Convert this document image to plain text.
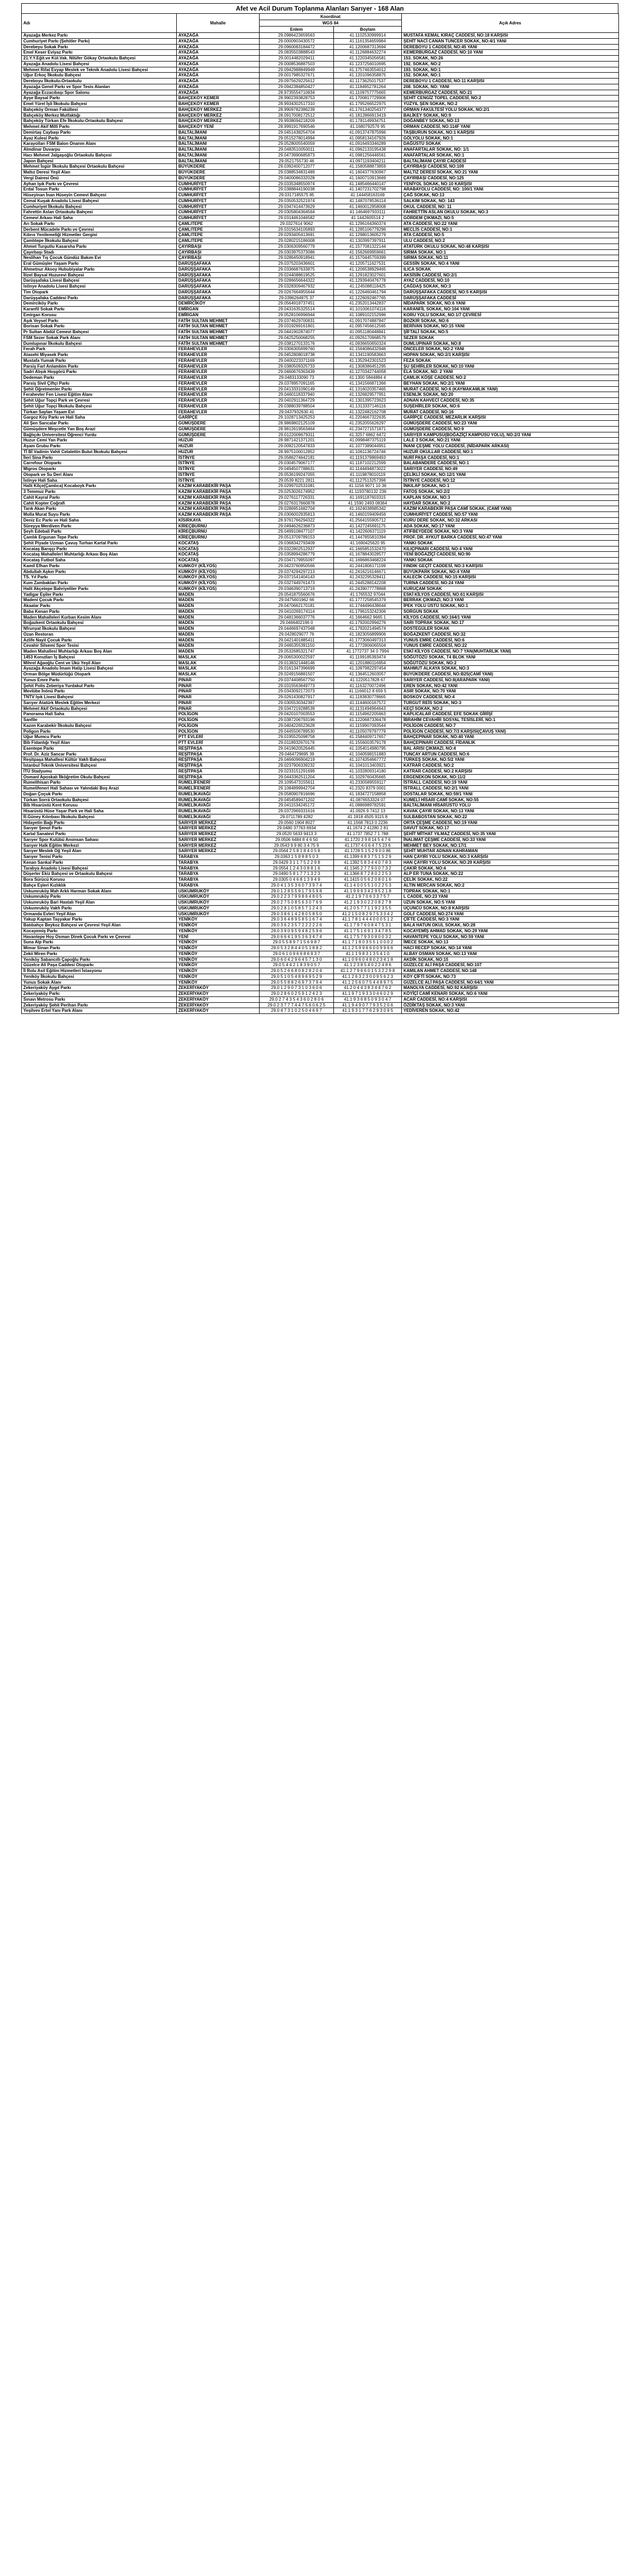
Afet ve Acil Durum Toplanma Alanları Sarıyer - 168 Alan
Adı	Mahalle	Koordinat		Açık Adres
		WGS 84		
		Enlem	Boylam	
Ayazağa Merkez Parkı	AYAZAĞA	29.0986423659563	41.1102530999914	MUSTAFA KEMAL KIRAÇ CADDESİ, NO:18 KARŞISI
Cumhuriyet Parkı (Şehitler Parkı)	AYAZAĞA	29.0000903430572	41.1161354659984	ŞEHİT NACİ CANAN TUNCER SOKAK, NO:4/1 YANI
Derebeyu Sokak Parkı	AYAZAĞA	29.0960083184472	41.1200687313694	DEREBOYU 1 CADDESİ, NO:45 YANI
Emel Keser Eviyaz Parkı	AYAZAĞA	29.0835503888543	41.1126884632274	KEMERBURGAZ CADDESİ, NO:10 YANI
21.Y.Y.Eğit.ve Kül.Vak. Nilüfer Gökay Ortaokulu Bahçesi	AYAZAĞA	29.0014482029411	41.1220345056581	153. SOKAK, NO:26
Ayazağa Anadolu Lisesi Bahçesi	AYAZAĞA	29.0008536887503	41.1237256010695	192. SOKAK, NO:2
Mehmet Rifat Evyap Meslek ve Teknik Anadolu Lisesi Bahçesi	AYAZAĞA	29.0942988849949	41.1757463554012	193. SOKAK, NO:1
Uğur Erkoç İlkokulu Bahçesi	AYAZAĞA	29.0017985327671	41.1201096358875	152. SOKAK, NO:1
Dereboyu İlkokulu-Ortaokulu	AYAZAĞA	29.0975629225612	41.1173625017537	DEREBOYU 1 CADDESİ, NO:11 KARŞISI
Ayazağa Genel Parkı ve Spor Tesis Alanları	AYAZAĞA	29.0942384850427	41.1184952781264	208. SOKAK, NO: YANI
Ayazağa Eczacıbaşı Spor Salonu	AYAZAĞA	28.9735554710834	41.1109757775665	KEMERBURGAZ CADDESİ, NO:21
Ayşe Baysal Parkı	BAHÇEKÖY KEMER	28.9902393828753	41.1700817729906	ŞEHİT CENGİZ TOPEL CADDESİ, NO:2
Emel Yürel İşli İlkokulu Bahçesi	BAHÇEKÖY KEMER	28.9934302517310	41.1795266522975	YÜZYIL ŞEN SOKAK, NO:2
Bahçeköy Orman Fakültesi	BAHÇEKÖY MERKEZ	28.9909782386239	41.1761340254377	ORMAN FAKÜLTESİ YOLU SOKAK, NO:2/1
Bahçeköy Merkez Mutfaktığı	BAHÇEKÖY MERKEZ	28.0917008172512	41.1812866913419	BALİKEY SOKAK, NO:9
Bahçeköy Türkan Efe İlkokulu-Ortaokulu Bahçesi	BAHÇEKÖY MERKEZ	29.9938094218209	41.1781149934751	DOĞANBEY SOKAK, NO:13
Mehmet Akif Millî Parkı	BAHÇEKÖY YENİ	28.9991917690546	41.1680792576 95	ORMAN CADDESİ, NO:114F YANI
Demirtaş Caybaşı Parkı	BALTALİMANI	29.0451438254704	41.0913747875996	TAŞBURUN SOKAK, NO:1 KARŞISI
Ayaz Kulesi Parkı	BALTALİMANI	29.0515278014994	41.0958134167926	GÖLYOLU SOKAK, NO:1
Karayolları FSM Balon Onarım Alanı	BALTALİMANI	29.0528005540059	41.0916493346289	DAĞÜSTÜ SOKAK
Almdinar Duvarpu	BALTALİMANI	29.0483510050011	41.0962133195438	ANAFARTALAR SOKAK, NO: 1/1
Hacı Mehmet Jalgaşoğlu Ortaokulu Bahçesi	BALTALİMANI	29.0473990685873	41.0981256446561	ANAFARTALAR SOKAK, NO:1
Japon Bahçesi	BALTALİMANI	29.0521755730 46	41.0971193404211	BALTALİMANI ÇAYIR CADDESİ
Mehmet İsgür İlkokulu Bahçesi Ortaokulu Bahçesi	BÜYÜKDERE	29.0392400712077	41.1580588873859	ÇAYIRBAŞI CADDESİ, NO:109
Maltız Deresi Yeşil Alan	BÜYÜKDERE	29.0388534831489	41.1604377630967	MALTIZ DERESİ SOKAK, NO:21 YANI
Vergi Dairesi Önü	BÜYÜKDERE	29.0400086332028	41.1600710913669	ÇAYIRBAŞI CADDESİ, NO:125
Ayhan Işık Parkı ve Çevresi	CUMHURİYET	29.0335348550974	41.1485466440147	YENİYOL SOKAK, NO:10 KARŞISI
Erdal Tosun Parkı	CUMHURİYET	29.0388844190038	41.1407231702798	ARABAYOLU CADDESİ, NO: 100/1 YANI
Hüseyinan İnan Hüseyin Cemevi Bahçesi	CUMHURİYET	29.0317185575 85	41.144458163169	ÇAĞ SOKAK, NO:13
Cemal Kuşak Anadolu Lisesi Bahçesi	CUMHURİYET	29.0350532521974	41.1487078536114	SALKIM SOKAK, NO: 143
Cumhuriyet İlkokulu Bahçesi	CUMHURİYET	29.0347414473629	41.1460012958008	OKUL CADDESİ, NO: 11
Fahrettin Aslan Ortaokulu Bahçesi	CUMHURİYET	29.0305804364564	41.1464697933111	FAHRETTİN ASLAN OKULU SOKAK, NO:3
Cemevi Arkası Hali Saha	CUMHURİYET	29.0314461046582	41.1442605514 2	GÖRDEM ÇIKMAZI, NO:5
Arı Sokak Parkı	ÇAMLITEPE	29.0327614 9062	41.1296164360374	ATA CADDESİ, NO:22 YANI
Derbent Mücadele Parkı ve Çevresi	ÇAMLITEPE	29.0315634105893	41.1285106779296	MECLİS CADDESİ, NO:1
Kıbrıs Yenilemeliği Hizmetler Gergisi	ÇAMLITEPE	29.0293405413691	41.1298013605279	ATA CADDESİ, NO:5
Çamlıtepe İlkokulu Bahçesi	ÇAMLITEPE	29.0280215186008	41.1303997397911	ULU CADDESİ, NO:2
Ahmet Turgutlu Kasarsha Parkı	ÇAYIRBAŞI	29.0306309560779	41.1577081322144	ATATÜRK OKULU SOKAK, NO:48 KARŞISI
Çayırbaşı Stadı	ÇAYIRBAŞI	29.0303975373086	41.1562669959661	SIRMA SOKAK, NO:1
Neslihan Tış Çocuk Gündüz Bakım Evi	ÇAYIRBAŞI	29.0286450918941	41.1570445759399	SIRMA SOKAK, NO:11
Eral Gümüşler Yaşam Parkı	DARÜŞŞAFAKA	29.0375203436601	41.1205711627531	GESSİN SOKAK, NO:4 YANI
Ahmetnur Aksoy Hububiyalar Parkı	DARÜŞŞAFAKA	29.0336687633875	41.1206538929465	ILICA SOKAK
İlizel Baysal Huzurevi Bahçesi	DARÜŞŞAFAKA	29.0244088619525	41.1291823027601	AKSİSİN CADDESİ, NO:2/1
Darüşşafaka Lisesi Bahçesi	DARÜŞŞAFAKA	29.0286656644322	41.1293940476778	AYAZ CADDESİ, NO:10
Istinye Anadolu Lisesi Bahçesi	DARÜŞŞAFAKA	29.0328309467932	41.1245088118425	ÇAĞDAŞ SOKAK, NO:3
Tim Otopark	DARÜŞŞAFAKA	29.0267664955644	41.1226460461794	DARÜŞŞAFAKA CADDESİ, NO:5 KARŞISI
Darüşşafaka Caddesi Parkı	DARÜŞŞAFAKA	29.0396264975 37	41.1226092467765	DARÜŞŞAFAKA CADDESİ
Demirciköy Parkı	DEMİRCİKÖY	29.0564918737451	41.2352013442837	NİDAPARK SOKAK, NO:6 YANI
Karanfil Sokak Parkı	EMİRGAN	29.0431635325514	41.1010061074116	KARANFİL SOKAK, NO:104 YANI
Emirgan Korusu	EMİRGAN	29.0528106996944	41.1089102152996	KORU YOLU SOKAK, NO:1/7 ÇEVRESİ
Aşık Veysel Parkı	FATİH SULTAN MEHMET	29.0374629700831	41.0917074887847	BOZKIR SOKAK, NO:6
Borisan Sokak Parkı	FATİH SULTAN MEHMET	29.0319269161801	41.0957456612565	BERİVAN SOKAK, NO:15 YANI
Pr Sultan Abdül Cemevi Bahçesi	FATİH SULTAN MEHMET	29.0441902874077	41.0951180448841	ŞİFTALİ SOKAK, NO:5
FSM Sezer Sokak Park Alanı	FATİH SULTAN MEHMET	29.0425250068255	41.0926170968579	SEZER SOKAK
Dumlupınar İlkokulu Bahçesi	FATİH SULTAN MEHMET	29.0381270133176	41.0936650650324	DUMLUPINAR SOKAK, NO:8
Ferah Park	FERAHEVLER	29.0306305699760	41.1564086432946	ÖNCELER SOKAK, NO:2 YANI
Atasehi Miyasek Parkı	FERAHEVLER	29.0452808018738	41.1341190583663	HOPAN SOKAK, NO:2/1 KARŞISI
Mustafa Yumak Parkı	FERAHEVLER	29.0400223371169	41.1352942301523	FEZA SOKAK
Parsiş Farl Anlambim Parkı	FERAHEVLER	29.0380509325733	41.1308386451295	ŞU ŞEHİRLER SOKAK, NO:10 YANI
Sadri Alışık Hoşgörü Parkı	FERAHEVLER	29.0460676363439	41.1270342744058	ELA SOKAK, NO: 2 YANI
Dedeman Parkı	FERAHEVLER	29.0483133090 73	41.1300 5844884 4	ÇAMLIK KÖŞE CADDESİ, NO:2
Parsiş Sivil Çiftçi Parkı	FERAHEVLER	29.0378957091165	41.1341566871366	BEYHAN SOKAK, NO:2/1 YANI
Şehit Öğretmenler Parkı	FERAHEVLER	29.0413331090149	41.1316020357465	MURAT CADDESİ, NO:6 (KAYMAKAMLIK YANI)
Ferahevler Fen Lisesi Eğitim Alanı	FERAHEVLER	29.0460118337940	41.1326829577951	ESENLİK SOKAK, NO:20
Şehit Uğur Topçi Park ve Çevresi	FERAHEVLER	29.0402911364729	41.1301395723623	ADNAN KAHVECİ CADDESİ, NO:35
Şehit Uğur Topçi İlkokulu Bahçesi	FERAHEVLER	29.0388039788504	41.1313337146116	SUŞEHİRLER SOKAK, NO:6
Türkan Saylan Yaşam Evi	FERAHEVLER	29.0437932630 41	41.1322482162708	MURAT CADDESİ, NO:16
Gargoz Köy Parkı ve Hali Saha	GARİPÇE	29.1028713425253	41.2204667322635	GARİPÇE CADDESİ, MEZARLIK KARŞISI
Ali Şen Sarıcalar Parkı	GÜMÜŞDERE	28.9869802125109	41.2352055626297	GÜMÜŞDERE CADDESİ, NO:23 YANI
Gümüşdere Meşcetle Yan Boş Arazi	GÜMÜŞDERE	28.9812619563464	41.2347271571871	GÜMÜŞDERE CADDESİ, NO:9
Bağlıçıkı Üniversitesi Öğrenci Yurdu	GÜMÜŞDERE	29.0122009679311	41.3257 6862 6472	SARIYER KAMPÜSÜ(BOĞAZİÇİ KAMPÜSÜ YOLU), NO:2/3 YANI
Huzur Cemi Yan Parkı	HUZUR	28.9871421371201	41.0998487375119	LALE 3 SOKAK, NO:21 YANI
Aşam Grubu Parkı	HUZUR	29.0092120547833	41.1077389044951	İNANI ÇEŞME YOLU CADDESİ, (NİDAPARK ARKASI)
Tİ Bİ Vadinin Vahit Celalettin Bulut İlkokulu Bahçesi	HUZUR	28.9975100012852	41.1061136724746	HUZUR OKULLAR CADDESİ, NO:1
İleri Sina Parkı	İSTİNYE	29.0586274642181	41.1191379869493	NURİ PAŞA CADDESİ, NO:1
Carrefour Otoparkı	İSTİNYE	29.0304579067177	41.1187102212599	BALABANDERE CADDESİ, NO:1
Migros Otoparkı	İSTİNYE	29.0494507788631	41.1144494873022	SARIYER CADDESİ, NO:49
Otopark ve Su Deri Alanı	İSTİNYE	29.0536199247055	41.1119878010119	ÇELİKLİ SOKAK, NO:12/1 YANI
İstinye Hali Saha	İSTİNYE	29.0539 8221 2811	41.1127513257398	İSTİNYE CADDESİ, NO:12
Halit Kilçe(Çamlıca) Kocaboyk Parkı	KAZIM KARABEKİR PAŞA	29.0299702531081	41.1156 9071 10 36	İNKILAP SOKAK, NO:1
3 Temmuz Parkı	KAZIM KARABEKİR PAŞA	29.0253026174952	41.1193780132 236	FATOŞ SOKAK, NO:2/2
Cahit Kayral Parkı	KAZIM KARABEKİR PAŞA	29.0276117726331	41.1691187603315	KAPLAN SOKAK, NO:3
Cahit Kopter Coğrafi	KAZIM KARABEKİR PAŞA	29.0276317660878	41.1590 2493 08364	HAYDAR SOKAK, NO:2
Tarık Akan Parkı	KAZIM KARABEKİR PAŞA	29.0286951682704	41.1624038985342	KAZIM KARABEKİR PAŞA CAMİ SOKAK, (CAMİ YANI)
Molla Murat Suyu Parkı	KAZIM KARABEKİR PAŞA	29.0306002935813	41.1460159409456	CUMHURİYET CADDESİ, NO:57 YANI
Deniz Ec Parkı ve Hali Saha	KİSIRKAYA	28.9761766294322	41.2564155905712	KURU DERE SOKAK, NO:32 ARKASI
Süreyya Merdiven Parkı	KİREÇBURNU	29.0494626236873	41.1427245691175	ADA SOKAK, NO:17 YANI
Şeyh Edebali Parkı	KİREÇBURNU	29.0499108477107	41.1422606371119	ATIFBEYDEDE SOKAK, NO:3 YANI
Çamlık Ergunan Tepe Parkı	KİREÇBURNU	29.0513709789153	41.1447855810394	PROF. DR. AYKUT BARKA CADDESİ, NO:47 YANI
Şehit Piyade Uzman Çavuş Turhan Kartal Parkı	KOCATAŞ	29.0368342793409	41.1690425620 95	YANKI SOKAK
Kocataş Barışçı Parkı	KOCATAŞ	29.0322802512937	41.1665851532470	KILIÇPINARI CADDESİ, NO:4 YANI
Kocataş Mahalleleri Muhtarlığı Arkası Boş Alan	KOCATAŞ	29.0358994286779	41.1678843028577	YENİ BOĞAZİÇİ CADDESİ, NO:90
Kocataş Futbol Saha	KOCATAŞ	29.0347179955097	41.1696863468224	YANKI SOKAK
Kamil Efhan Parkı	KUMKÖY (KİLYOS)	29.0423760950566	41.2441806171199	FINDIK GEÇİT CADDESİ, NO:3 KARŞISI
Abdullah Aşkın Parkı	KUMKÖY (KİLYOS)	29.0374294297213	41.2416216146671	BÜYÜKPARK SOKAK, NO:4 YANI
TS. Yıl Parkı	KUMKÖY (KİLYOS)	29.0371541404143	41.2432295328411	KALECİK CADDESİ, NO:15 KARŞISI
Kum Zambakları Parkı	KUMKÖY (KİLYOS)	29.0327449761473	41.2445288142208	TURNA CADDESİ, NO:24 YANI
Halit Akçetepe Bahriyeliler Parkı	KUMKÖY (KİLYOS)	29.0346390713719	41.2439077778868	KURUÇAM SOKAK
Yadigar Eşiler Parkı	MADEN	29.0541875560676	41.1765532 97044	ESKİ KİLYOS CADDESİ, NO:61 KARŞISI
Madeni Çocuk Parkı	MADEN	29.0475601962 66	41.1777258545379	BERRAK ÇIKMAZI, NO:3 YANI
Akaalar Parkı	MADEN	29.0470662170181	41.1744496438644	İPEK YOLU ÜSTÜ SOKAK, NO:1
Baba Kenan Parkı	MADEN	29.0410269174114	41.1796153242306	SORGUN SOKAK
Maden Mahalleleri Kurban Kesim Alanı	MADEN	29.0481366037776	41.1664662 9665 1	KİLYOS CADDESİ, NO:164/1 YANI
Boğazkent Ortaokulu Bahçesi	MADEN	29.0466402196 0	41.1792002994276	SARI TOPRAK SOKAK, NO:17
Nfrunyat İlkokulu Bahçesi	MADEN	29.0446697437048	41.1792021494574	DOSTEGÜLER SOKAK
Ozan Restoran	MADEN	29.0428029077 76	41.1823056899906	BOĞAZKENT CADDESİ, NO:32
Azlife Nayil Çocuk Parkı	MADEN	29.0421401885411	41.1773060497313	YUNUS EMRE CADDESİ, NO:6
Cevahir Silsemi Spor Tesisi	MADEN	29.0465355391150	41.1772806065504	YUNUS EMRE CADDESİ, NO:22
Maden Mahallesi Muhtarlığı Arkası Boş Alan	MADEN	29.0532685321747	41.1772737 34 0 7994	ESKİ KİLYOS CADDESİ, NO:7 YAN(MUHTARLIK YANI)
1453 Konutları İş Bahçesi	MASLAK	29.0065300022597	41.1199185393474	SÖĞÜTÖZÜ SOKAK, T4 BLOK YANI
Mihrel Ağaoğlu Cent ve Ükü Yeşil Alan	MASLAK	29.0138321448146	41.1201880116954	SÖĞÜTÖZÜ SOKAK, NO:2
Ayazağa Anadolu İmam Hatip Lisesi Bahçesi	MASLAK	29.0161347396699	41.1097982297454	MAHMUT ALKAYA SOKAK, NO:3
Orman Bölge Müdürlüğü Otopark	MASLAK	29.0249156881507	41.1364512603057	BÜYÜKDERE CADDESİ, NO:B25(CAMİ YANI)
Yunus Emre Parkı	PINAR	29.0374408567750	41.1220517828 67	SARIYER CADDESİ, NO:8(ARAPARK YANI)
Şehit Polis Zeberiya Yurdakul Parkı	PINAR	29.0315563649773	41.1163270072496	EREN SOKAK, NO:42 YANI
Mevlübe İnönü Parkı	PINAR	29.0343092172073	41.1166012 8 659 5	ASIR SOKAK, NO:70 YANI
TNTV Işık Lisesi Bahçesi	PINAR	29.0261430827917	41.1183830778665	BOSKOV CADDESİ, NO:4
Sarıyer Atatürk Meslek Eğitim Merkezi	PINAR	29.0305530342367	41.1144600167572	TURGUT REİS SOKAK, NO:3
Mehmet Akif Ortaokulu Bahçesi	PINAR	29.0347219288539	41.1131494964643	KEÇİ SOKAK, NO:2
Panorama Hali Saha	POLİGON	29.0420107003553	41.1154962205663	KAPLICALAR CADDESİ, EFE SOKAK GİRİŞİ
Sanfile	POLİGON	29.0387206793196	41.1220687336478	İBRAHİM CEVAHİR SOSYAL TESİSLERİ, NO:1
Kazım Karabekir İlkokulu Bahçesi	POLİGON	29.0404226523628	41.1159907093544	POLİGON CADDESİ, NO:7
Poligon Parkı	POLİGON	29.0445506789530	41.1105079797779	POLİGON CADDESİ, NO:7/3 KARŞISI(ÇAVUŞ YANI)
Uğur Mumcu Parkı	PTT EVLERİ	29.0195525098758	41.1584409717657	BAHÇEPINAR SOKAK, NO:40 YANI
Bib Fidanlığı Yeşil Alan	PTT EVLERİ	29.0118932670176	41.1556003579178	BAHÇEPINARI CADDESİ, FİDANLIK
Esentepe Parkı	REŞİTPAŞA	29.0419620526445	41.1054014980795	BAL ARISI ÇIKMAZI, NO:4
Prof. Dr. Aziz Sancar Parkı	REŞİTPAŞA	29.0464729695 39	41.1040598151883	TUNCAY ARTUN CADDESİ, NO:6
Reşitpaşa Mahallesi Kültür Vakfı Bahçesi	REŞİTPAŞA	29.0466096904219	41.1074354667772	TÜRKEŞ SOKAK, NO:5/2 YANI
İstanbul Teknik Üniversitesi Bahçesi	REŞİTPAŞA	29.0237906339232	41.1041013403921	KATRAR CADDESİ, NO:2
İTÜ Stadyumu	REŞİTPAŞA	29.0233151291699	41.1032809314180	KATRAR CADDESİ, NO:2 KARŞISI
Osmanl Aposkalı İlköğretim Okulu Bahçesi	REŞİTPAŞA	29.0443362511204	41.1029760435665	ERGENEKON SOKAK, NO:11/2
Rumelihisarı Parkı	RUMELİFENERİ	29.1095473155611	41.2330589559117	İSTRALL CADDESİ, NO:19 YANI
Rumelifeneri Hali Sahası ve Yalındaki Boş Arazi	RUMELİFENERİ	29.1084899942704	41.2320 8379 0001	İSTRALL CADDESİ, NO:2/1 YANI
Doğan Çoçuk Parkı	RUMELİKAVAĞI	29.0580907816696	41.1834727158858	DOSTALAR SOKAK, NO:59/1 YANI
Türkan Sorrä Ortaokulu Bahçesi	RUMELİKAVAĞI	29.0454589471202	41.0876553324 07	KUMELİ HİSARI CAMİ SOKAK, NO:55
Bib Hisarüstü Kent Korusu	RUMELİKAVAĞI	29.0411534245172	41.0886989782591	BALTALİMANI HİSARÜSTÜ YOLU
Hisarüstü Hüse Yaşar Park ve Hali Saha	RUMELİKAVAĞI	29.0372969331616	41.0926 9 7412 13	KAVAK ÇAYIR SOKAK, NO:13 YANI
R.Güney Kılınbası İlkokulu Bahçesi	RUMELİKAVAĞI	29.0711789 4282	41.1818 4505 9115 8	SULBABOSTAN SOKAK, NO:22
Hidayetin Bağı Parkı	SARIYER MERKEZ	29.0560 1904 8027	41.1568 7813 0 2236	ORTA ÇEŞME CADDESİ, NO:19 YANI
Sarıyer Şenol Parkı	SARIYER MERKEZ	29.0480 37763 6934	41.1674 2 41280 2 81	DAVUT SOKAK, NO:17
Kartal Sanatevi Parkı	SARIYER MERKEZ	29.0520 5633 9413 3	41.1737 7852 7 1 788	ŞEHİT MİTHAT YILMAZ CADDESİ, NO:35 YANI
Sarıyer Spor Kulübü Anonsan Sahası	SARIYER MERKEZ	29.0506 6484 8 4 6 50	41.1720 3 9 8 14 5 4 7 6	İNALIMAT ÇEŞME CADDESİ, NO:33 YANI
Sarıyer Halk Eğitim Merkezi	SARIYER MERKEZ	29.0543 9 9 80 3 4 75 9	41.1737 4 0 6 4 7 5 23 6	MEHMET BEY SOKAK, NO:17/1
Sarıyer Meslek Oğ Yeşil Alan	SARIYER MERKEZ	29.0564 2 5 8 1 8 4 0 5 8	41.1728 5 1 5 2 9 0 0 86	ŞEHİT MUHTAR ADNAN KAHRAMAN
Sarıyer Tenisi Parkı	TARABYA	29.0363 1 5 8 8 8 5 0 3	41.1399 6 8 3 7 5 1 5 2 9	HAN ÇAYIRI YOLU SOKAK, NO:3 KARŞISI
Kenan Sarıkal Parkı	TARABYA	29.0429 3 1 1 7 5 2 2 9 8	41.1392 5 8 3 4 4 0 7 8 3	HAN ÇAYIRI YOLU SOKAK, NO:29 KARŞISI
Tarabya Anadolu Lisesi Bahçesi	TARABYA	29.0554 1 2 4 3 0 8 8 1 6	41.1345 2 7 7 9 0 0 7 3 2	ÇAKIR SOKAK, NO:4
Düşerler Ekiz Bahçesi ve Ortaokulu Bahçesi	TARABYA	29.0490 5 8 1 7 7 1 3 2 3	41.1366 8 7 2 8 0 2 2 5 3	ALP ER TUNA SOKAK, NO:22
Bora Sürücü Korusu	TARABYA	29.0305 0 4 6 8 1 3 9 4 9	41.1415 0 5 6 2 0 8 0 1 6	ÇELİK SOKAK, NO:22
Bahçe Eşleri Kızlıklık	TARABYA	29.0 4 1 3 5 3 6 0 7 3 9 7 4	41.1 4 0 0 5 5 1 0 2 2 5 3	ALTIN MERCAN SOKAK, NO:2
Uskumruköy Mah Arklı Harman Sokak Alanı	USKUMRUKÖY	29.0 1 2 8 5 5 9 1 7 9 5 9 8	41.1 9 9 9 3 4 2 9 5 2 1 8	TOPRAK SOKAK, NO:1
Uskumruköy Parkı	USKUMRUKÖY	29.0 2 2 3 7 9 9 8 6 4 8 0 5	41.2 1 9 7 0 6 3 3 7 5 7	L CADDE, NO:23 YANI
Uskumruköy Bari Hastalı Yeşil Alan	USKUMRUKÖY	29.0 2 7 5 0 8 5 6 3 0 7 6 9	41.2 1 9 3 0 2 2 0 8 2 7 8	UZUN SOKAK, NO:5 YANI
Uskumruköy Vakfı Parkı	USKUMRUKÖY	29.0 2 8 1 0 5 8 5 7 1 2 4 3	41.2 0 5 7 7 1 1 9 2 3 5 5	ÜÇUNCÜ SOKAK, NO:8 KARŞISI
Ormanda Evleri Yeşil Alan	USKUMRUKÖY	29.0 3 8 6 1 4 2 8 0 5 8 5 0	41.2 1 5 0 8 2 9 7 5 3 3 4 2	GOLF CADDESİ, NO:274 YANI
Yakup Kaptan Taşyakar Parkı	YENİKÖY	29.0 3 6 4 8 9 5 8 5 1 6 7 4	41.1 7 8 1 4 4 4 0 0 0 5 1 2	ÇİFTE CADDESİ, NO:3 YANI
Batıbahçe Beykoz Bahçesi ve Çevresi Yeşil Alan	YENİKÖY	29.0 3 6 2 3 5 7 2 2 2 2 2 6	41.1 7 9 7 6 0 8 4 7 5 3 1	BALA HATUN OKUL SOKAK, NO:28
Kocayemiş Parkı	YENİKÖY	29.0 3 9 0 9 5 9 4 8 2 5 9 6	41.1 7 5 1 6 9 1 3 4 7 8 5	KOCAYEMİŞ AHMAD SOKAK, NO:29 YANI
Havantepe Hoy Osman Dinek Çocuk Parkı ve Çevresi	YENİ	29.0 6 6 4 1 9 5 3 6 3 4 7 4	41.1 7 5 7 9 3 0 8 0 0 3 2	HAVANTEPE YOLU SOKAK, NO:59 YANI
Suna Alp Parkı	YENİKÖY	29.0 5 5 8 9 7 1 5 6 9 8 7	41.1 7 1 8 0 3 5 5 1 0 0 0 2	İMECE SOKAK, NO:13
Mimar Sinan Parkı	YENİKÖY	29.0 5 3 2 8 4 4 0 5 1 8 8 2	41.1 2 5 9 9 6 6 0 0 9 9 6 6	HACI RECEP SOKAK, NO:14 YANI
Zekii Miren Parkı	YENİKÖY	29.0 6 1 0 9 6 6 8 6 9 3 7	41.1 1 9 8 3 1 3 5 4 1 0	ALBAY OSMAN SOKAK, NO:13 YANI
Yeniköy Sabancıllı Çapoğlu Parkı	YENİKÖY	29.0 6 0 4 2 9 6 4 5 7 1 3 0	41.1 0 9 6 0 4 8 0 2 3 4 1 8	AKDİK SOKAK, NO:15
Güzelce Ali Paşa Caddesi Otoparkı	YENİKÖY	29.0 5 4 4 2 1 8 3 9 0 5 7	41.1 2 3 8 5 4 0 2 2 4 8 6	GÜZELCE ALİ PAŞA CADDESİ, NO:107
İl Rolu Asil Eğitim Hizmetleri İstasyonu	YENİKÖY	29.0 5 2 6 6 8 0 8 2 8 2 0 4	41.1 2 7 9 6 6 0 1 5 3 2 2 9 8	KAMILAN AHMET CADDESİ, NO:148
Yeniköy İlkokulu Bahçesi	YENİKÖY	29.0 5 1 0 5 4 8 9 6 9 5 2 9	41.1 2 6 3 2 3 0 0 9 5 6 2 3	KÖY ÇİFTİ SOKAK, NO:73
Yunus Sokak Alanı	YENİKÖY	29.0 5 5 8 8 2 6 9 7 3 7 9 4	41.1 2 5 6 0 7 5 4 4 8 9 7 5	GÜZELCE ALİ PAŞA CADDESİ, NO:64/1 YANI
Zekeriyaköy Aygıt Parkı	ZEKERİYAKÖY	29.0 1 2 9 0 7 3 1 0 3 6 0 6	41.2 0 4 4 3 8 3 4 4 7 6 2	MANOLYA CADDESİ, NO:92 KARŞISI
Zekeriyaköy Parkı	ZEKERİYAKÖY	29.0 2 8 6 0 2 5 9 1 2 4 2 3	41.1 9 7 1 9 3 3 0 4 6 0 2 9	KÖYİÇİ CAMİ KENARI SOKAK, NO:6 YANI
Sınavı Metrosu Parkı	ZEKERİYAKÖY	29.0 2 7 4 3 5 4 3 6 0 2 8 0 6	41.1 9 3 6 8 5 0 9 3 0 4 7	ACAR CADDESİ, NO:4 KARŞISI
Zekeriyaköy Şehit Perihan Parkı	ZEKERİYAKÖY	29.0 2 3 7 7 7 4 4 7 5 6 0 6 2 5	41.1 9 4 9 0 7 7 9 3 5 2 0 6	ÖZDİKTAŞ SOKAK, NO:3 YANI
Yeşilvev Ertel Yanı Park Alanı	ZEKERİYAKÖY	29.0 4 7 3 1 0 2 5 0 4 6 9 7	41.1 9 3 1 7 7 6 2 9 3 0 9 5	YEDİVEREN SOKAK, NO:42
